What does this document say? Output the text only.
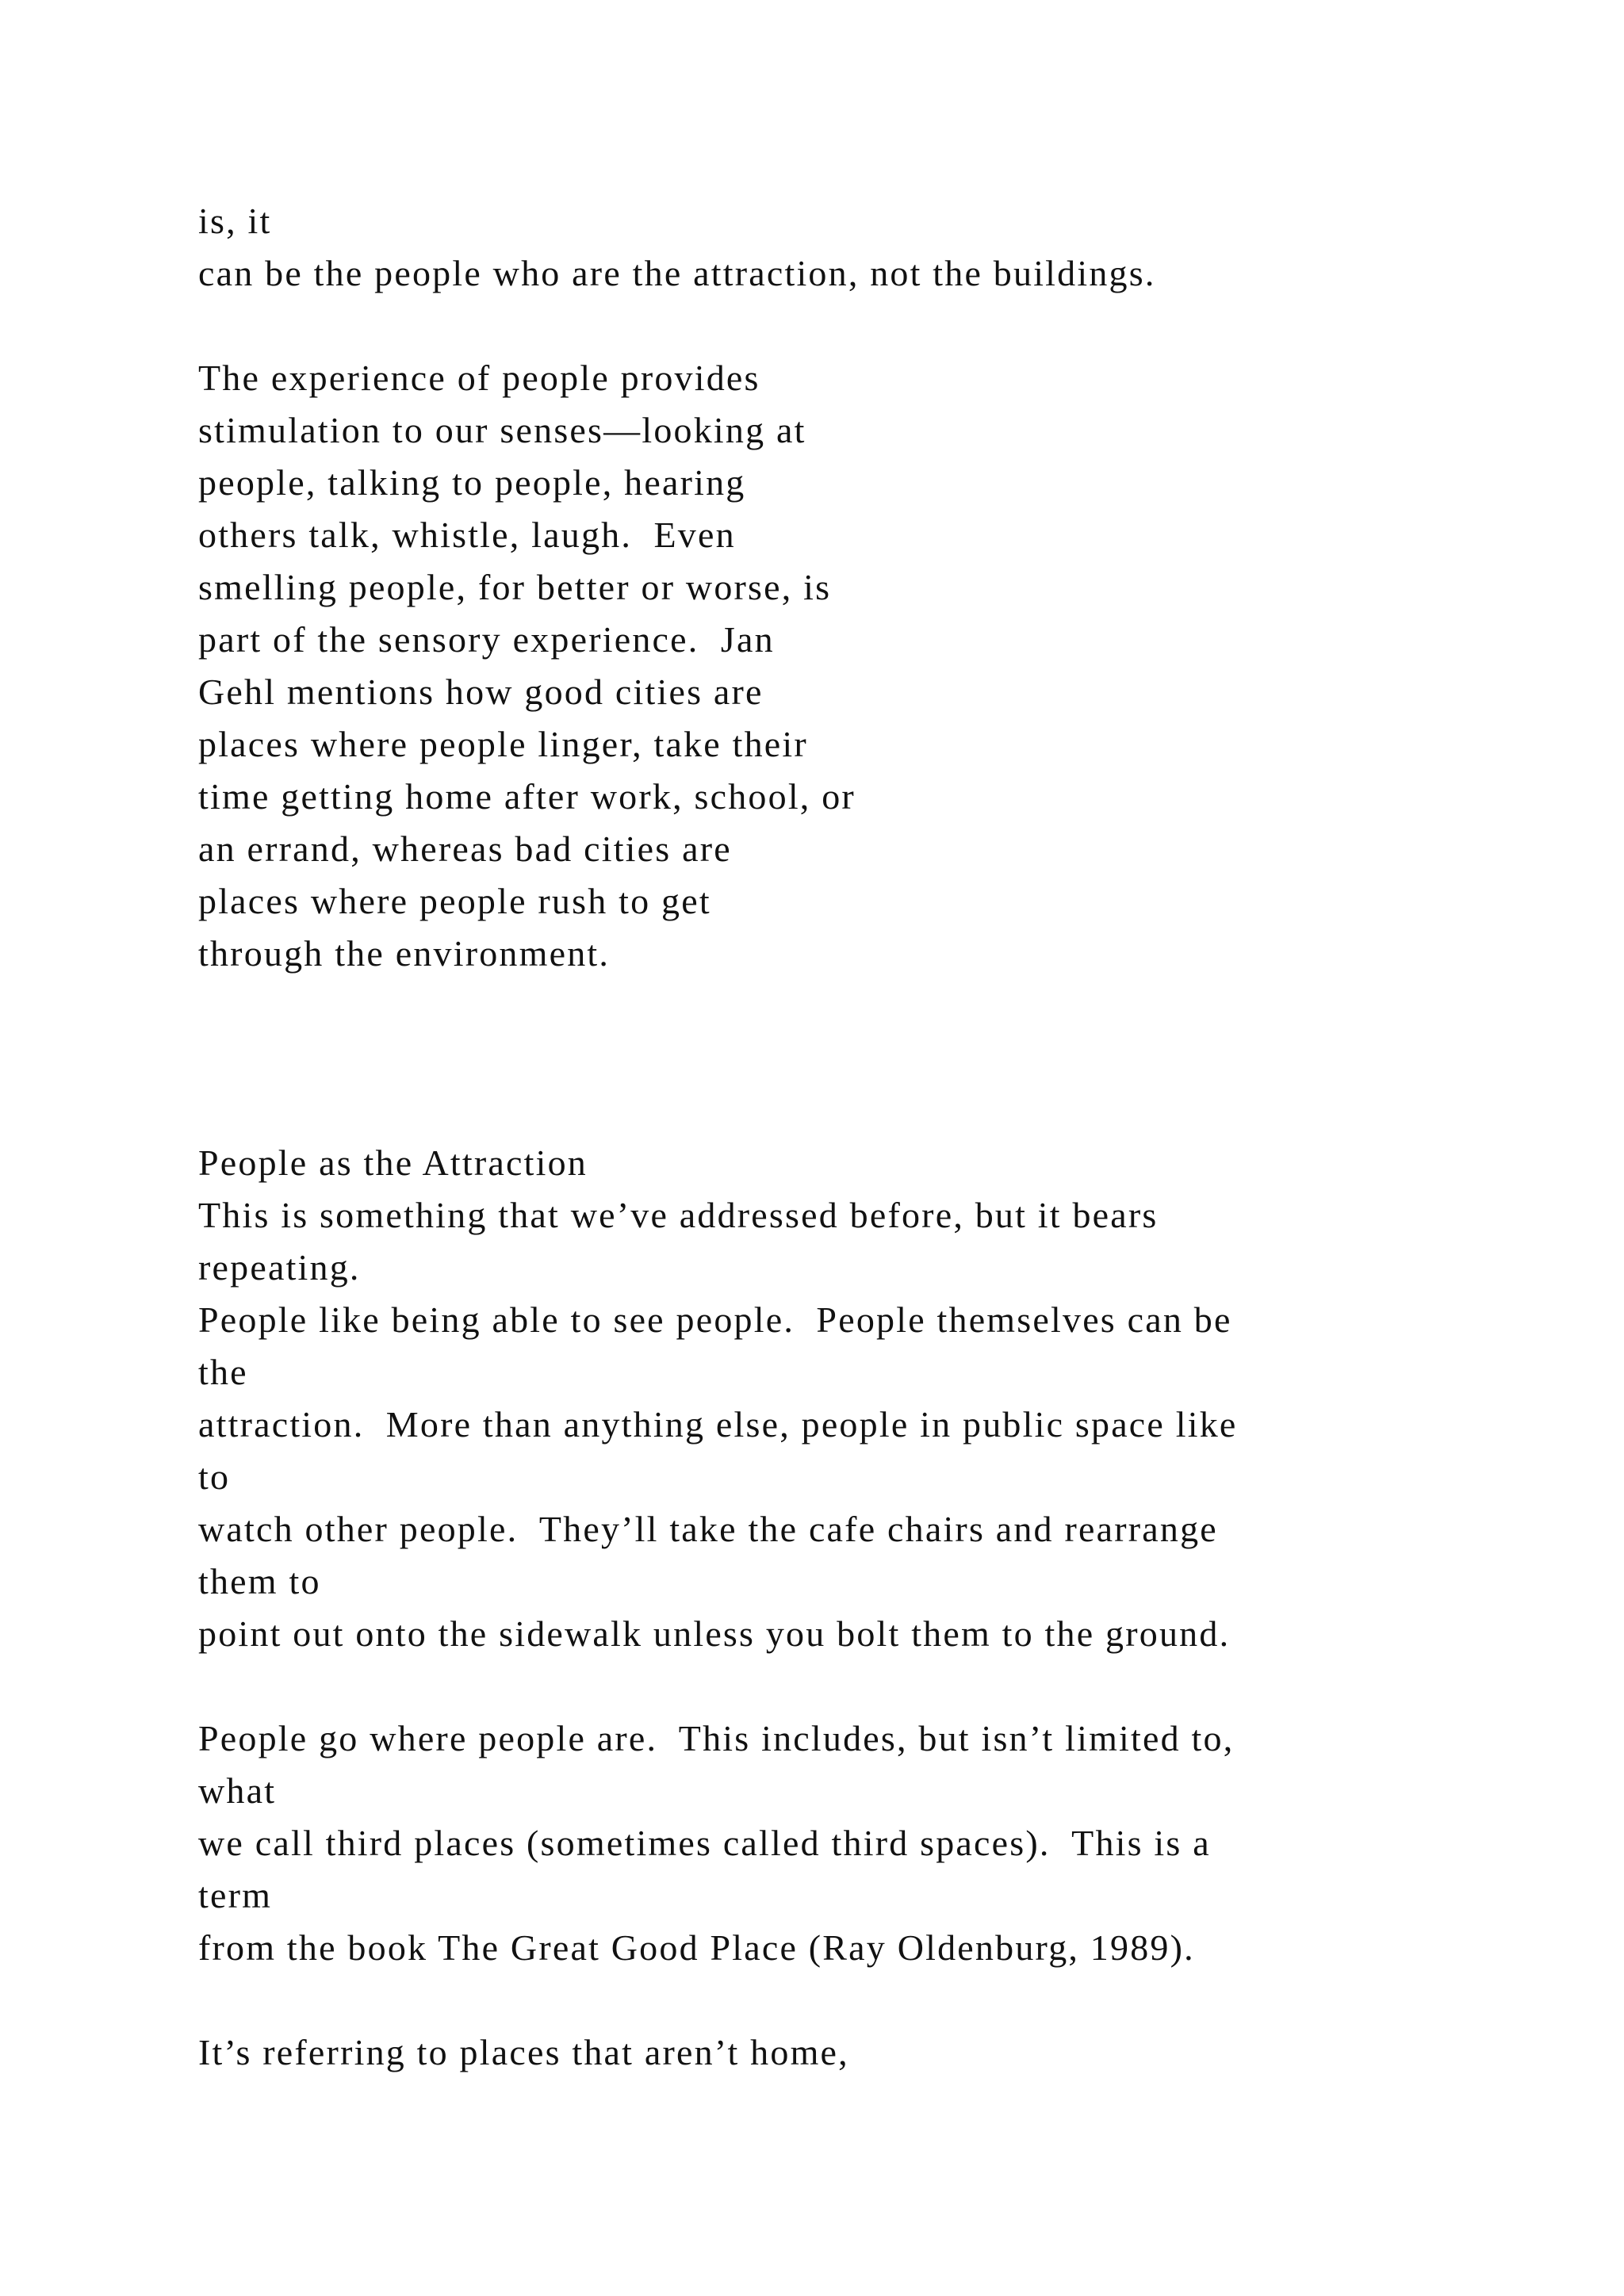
is, it
can be the people who are the attraction, not the buildings.
The experience of people provides
stimulation to our senses—looking at
people, talking to people, hearing
others talk, whistle, laugh.  Even
smelling people, for better or worse, is
part of the sensory experience.  Jan
Gehl mentions how good cities are
places where people linger, take their
time getting home after work, school, or
an errand, whereas bad cities are
places where people rush to get
through the environment.
People as the Attraction
This is something that we’ve addressed before, but it bears
repeating.
People like being able to see people.  People themselves can be
the
attraction.  More than anything else, people in public space like
to
watch other people.  They’ll take the cafe chairs and rearrange
them to
point out onto the sidewalk unless you bolt them to the ground.
People go where people are.  This includes, but isn’t limited to,
what
we call third places (sometimes called third spaces).  This is a
term
from the book The Great Good Place (Ray Oldenburg, 1989).
It’s referring to places that aren’t home,
